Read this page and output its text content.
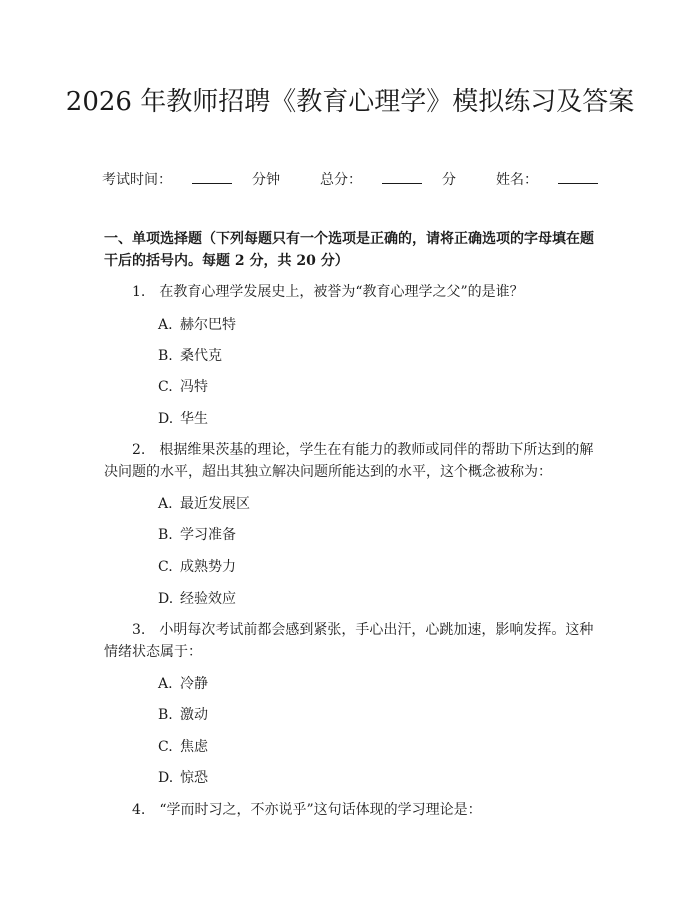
2026 年教师招聘《教育心理学》模拟练习及答案
考试时间：	分钟	总分：	分	姓名：

一、单项选择题（下列每题只有一个选项是正确的，请将正确选项的字母填在题干后的括号内。每题 2 分，共 20 分）

1. 在教育心理学发展史上，被誉为“教育心理学之父”的是谁？

A. 赫尔巴特
B. 桑代克
C. 冯特
D. 华生

2. 根据维果茨基的理论，学生在有能力的教师或同伴的帮助下所达到的解决问题的水平，超出其独立解决问题所能达到的水平，这个概念被称为：

A. 最近发展区
B. 学习准备
C. 成熟势力
D. 经验效应

3. 小明每次考试前都会感到紧张，手心出汗，心跳加速，影响发挥。这种情绪状态属于：

A. 冷静
B. 激动
C. 焦虑
D. 惊恐

4. “学而时习之，不亦说乎”这句话体现的学习理论是：
